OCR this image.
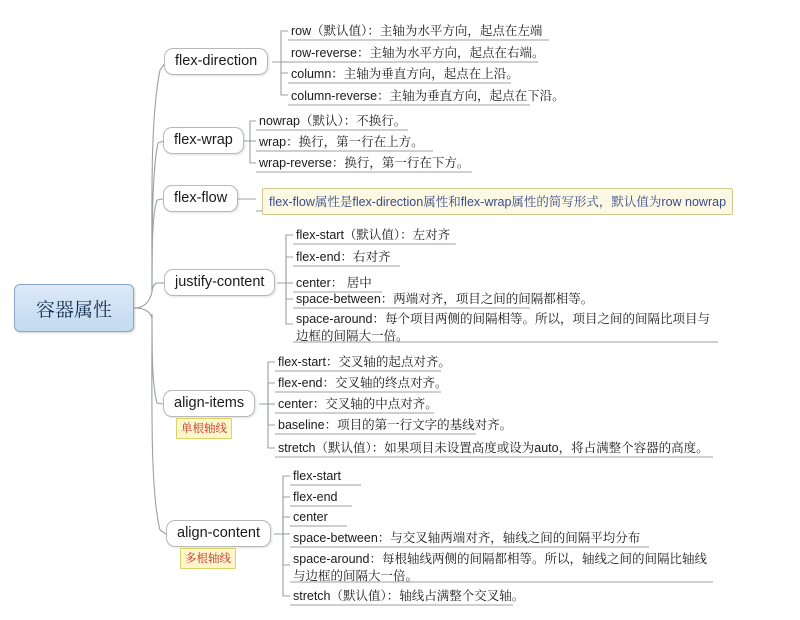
容器属性
flex-direction
row（默认值）：主轴为水平方向，起点在左端
row-reverse：主轴为水平方向，起点在右端。
column：主轴为垂直方向，起点在上沿。
column-reverse：主轴为垂直方向，起点在下沿。
flex-wrap
nowrap（默认）：不换行。
wrap：换行，第一行在上方。
wrap-reverse：换行，第一行在下方。
flex-flow	flex-flow属性是flex-direction属性和flex-wrap属性的简写形式，默认值为row nowrap
justify-content
flex-start（默认值）：左对齐
flex-end：右对齐
center： 居中
space-between：两端对齐，项目之间的间隔都相等。
space-around：每个项目两侧的间隔相等。所以，项目之间的间隔比项目与边框的间隔大一倍。
align-items
单根轴线
flex-start：交叉轴的起点对齐。
flex-end：交叉轴的终点对齐。
center：交叉轴的中点对齐。
baseline：项目的第一行文字的基线对齐。
stretch（默认值）：如果项目未设置高度或设为auto，将占满整个容器的高度。
align-content
多根轴线
flex-start
flex-end
center
space-between：与交叉轴两端对齐，轴线之间的间隔平均分布
space-around：每根轴线两侧的间隔都相等。所以，轴线之间的间隔比轴线与边框的间隔大一倍。
stretch（默认值）：轴线占满整个交叉轴。
